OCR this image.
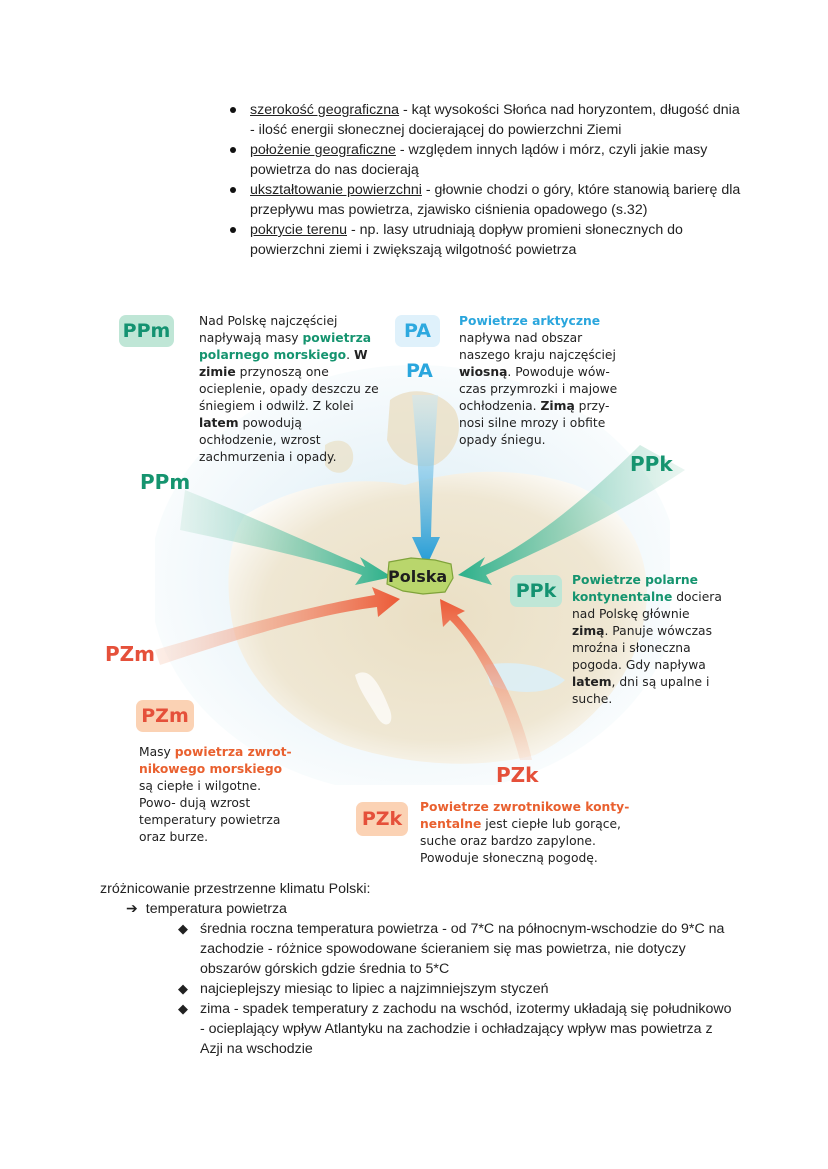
szerokość geograficzna - kąt wysokości Słońca nad horyzontem, długość dnia - ilość energii słonecznej docierającej do powierzchni Ziemi
położenie geograficzne - względem innych lądów i mórz, czyli jakie masy powietrza do nas docierają
ukształtowanie powierzchni - głownie chodzi o góry, które stanowią barierę dla przepływu mas powietrza, zjawisko ciśnienia opadowego (s.32)
pokrycie terenu - np. lasy utrudniają dopływ promieni słonecznych do powierzchni ziemi i zwiększają wilgotność powietrza
Polska
PPm Nad Polskę najczęściej napływają masy powietrza polarnego morskiego. W zimie przynoszą one ocieplenie, opady deszczu ze śniegiem i odwilż. Z kolei latem powodują ochłodzenie, wzrost zachmurzenia i opady.
PPm
PA
PA
Powietrze arktyczne napływa nad obszar naszego kraju najczęściej wiosną. Powoduje wów- czas przymrozki i majowe ochłodzenia. Zimą przy- nosi silne mrozy i obfite opady śniegu.
PPk
PPk	Powietrze polarne kontynentalne dociera nad Polskę głównie zimą. Panuje wówczas mroźna i słoneczna pogoda. Gdy napływa latem, dni są upalne i suche.
PZm
PZm
Masy powietrza zwrot- nikowego morskiego są ciepłe i wilgotne. Powo- dują wzrost temperatury powietrza oraz burze.
PZk
PZk
Powietrze zwrotnikowe konty- nentalne jest ciepłe lub gorące, suche oraz bardzo zapylone. Powoduje słoneczną pogodę.
zróżnicowanie przestrzenne klimatu Polski:
➔ temperatura powietrza
◆ średnia roczna temperatura powietrza - od 7*C na północnym-wschodzie do 9*C na zachodzie - różnice spowodowane ścieraniem się mas powietrza, nie dotyczy obszarów górskich gdzie średnia to 5*C
◆ najcieplejszy miesiąc to lipiec a najzimniejszym styczeń
◆ zima - spadek temperatury z zachodu na wschód, izotermy układają się południkowo - ocieplający wpływ Atlantyku na zachodzie i ochładzający wpływ mas powietrza z Azji na wschodzie
